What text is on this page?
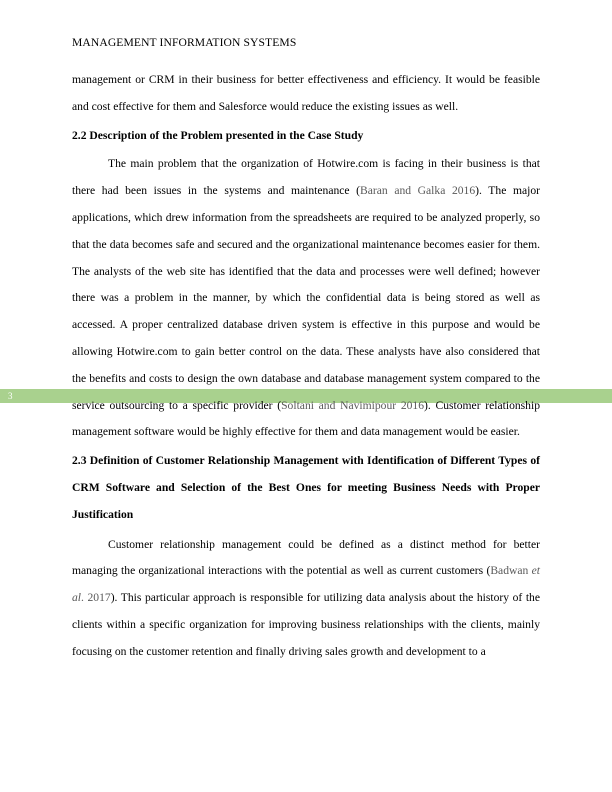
MANAGEMENT INFORMATION SYSTEMS
3

management or CRM in their business for better effectiveness and efficiency. It would be feasible and cost effective for them and Salesforce would reduce the existing issues as well.

2.2 Description of the Problem presented in the Case Study

The main problem that the organization of Hotwire.com is facing in their business is that there had been issues in the systems and maintenance (Baran and Galka 2016). The major applications, which drew information from the spreadsheets are required to be analyzed properly, so that the data becomes safe and secured and the organizational maintenance becomes easier for them. The analysts of the web site has identified that the data and processes were well defined; however there was a problem in the manner, by which the confidential data is being stored as well as accessed. A proper centralized database driven system is effective in this purpose and would be allowing Hotwire.com to gain better control on the data. These analysts have also considered that the benefits and costs to design the own database and database management system compared to the service outsourcing to a specific provider (Soltani and Navimipour 2016). Customer relationship management software would be highly effective for them and data management would be easier.

2.3 Definition of Customer Relationship Management with Identification of Different Types of CRM Software and Selection of the Best Ones for meeting Business Needs with Proper Justification

Customer relationship management could be defined as a distinct method for better managing the organizational interactions with the potential as well as current customers (Badwan et al. 2017). This particular approach is responsible for utilizing data analysis about the history of the clients within a specific organization for improving business relationships with the clients, mainly focusing on the customer retention and finally driving sales growth and development to a
